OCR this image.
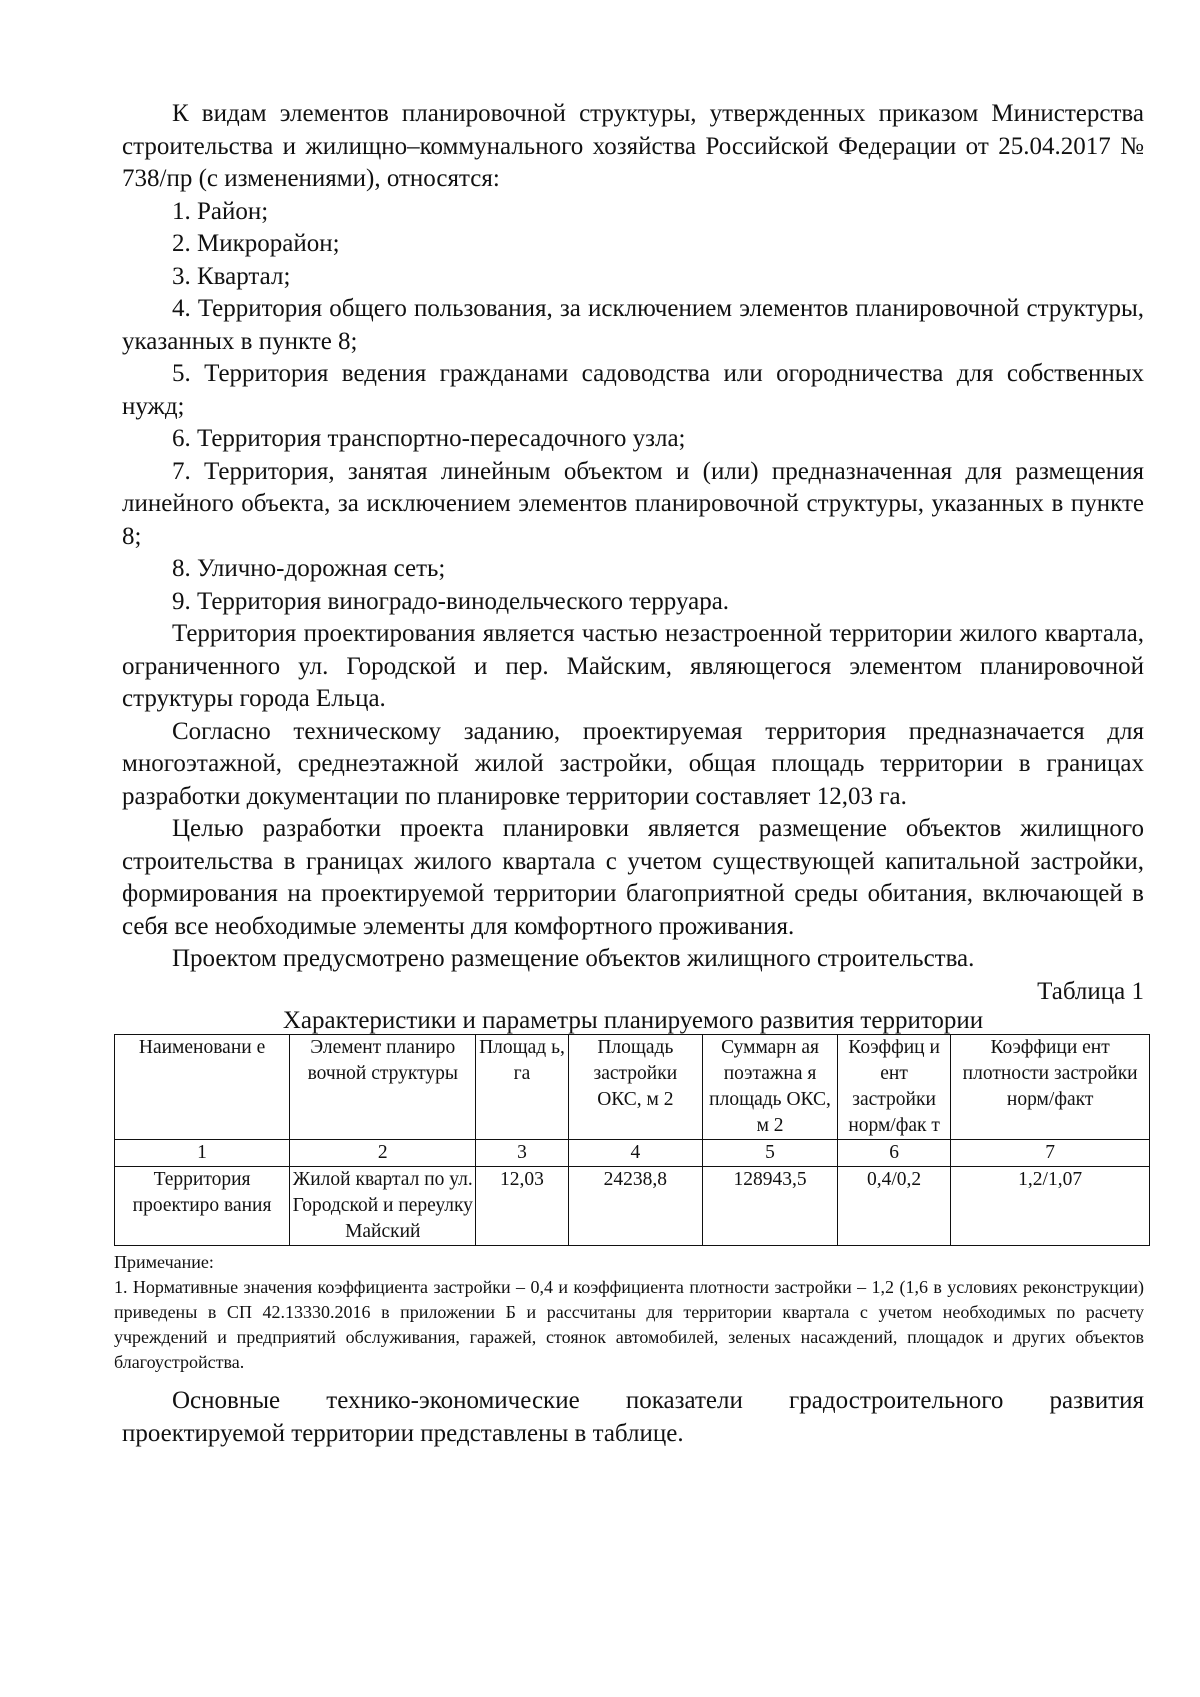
К видам элементов планировочной структуры, утвержденных приказом Министерства строительства и жилищно–коммунального хозяйства Российской Федерации от 25.04.2017 № 738/пр (с изменениями), относятся:

1. Район;

2. Микрорайон;

3. Квартал;

4. Территория общего пользования, за исключением элементов планировочной структуры, указанных в пункте 8;

5. Территория ведения гражданами садоводства или огородничества для собственных нужд;

6. Территория транспортно-пересадочного узла;

7. Территория, занятая линейным объектом и (или) предназначенная для размещения линейного объекта, за исключением элементов планировочной структуры, указанных в пункте 8;

8. Улично-дорожная сеть;

9. Территория виноградо-винодельческого терруара.

Территория проектирования является частью незастроенной территории жилого квартала, ограниченного ул. Городской и пер. Майским, являющегося элементом планировочной структуры города Ельца.

Согласно техническому заданию, проектируемая территория предназначается для многоэтажной, среднеэтажной жилой застройки, общая площадь территории в границах разработки документации по планировке территории составляет 12,03 га.

Целью разработки проекта планировки является размещение объектов жилищного строительства в границах жилого квартала с учетом существующей капитальной застройки, формирования на проектируемой территории благоприятной среды обитания, включающей в себя все необходимые элементы для комфортного проживания.

Проектом предусмотрено размещение объектов жилищного строительства.

Таблица 1

Характеристики и параметры планируемого развития территории

Наименовани е	Элемент планиро вочной структуры	Площад ь, га	Площадь застройки ОКС, м 2	Суммарн ая поэтажна я площадь ОКС, м 2	Коэффиц и ент застройки норм/фак т	Коэффици ент плотности застройки норм/факт
1	2	3	4	5	6	7
Территория проектиро вания	Жилой квартал по ул. Городской и переулку Майский	12,03	24238,8	128943,5	0,4/0,2	1,2/1,07

Примечание:

1. Нормативные значения коэффициента застройки – 0,4 и коэффициента плотности застройки – 1,2 (1,6 в условиях реконструкции) приведены в СП 42.13330.2016 в приложении Б и рассчитаны для территории квартала с учетом необходимых по расчету учреждений и предприятий обслуживания, гаражей, стоянок автомобилей, зеленых насаждений, площадок и других объектов благоустройства.

Основные технико-экономические показатели градостроительного развития проектируемой территории представлены в таблице.
